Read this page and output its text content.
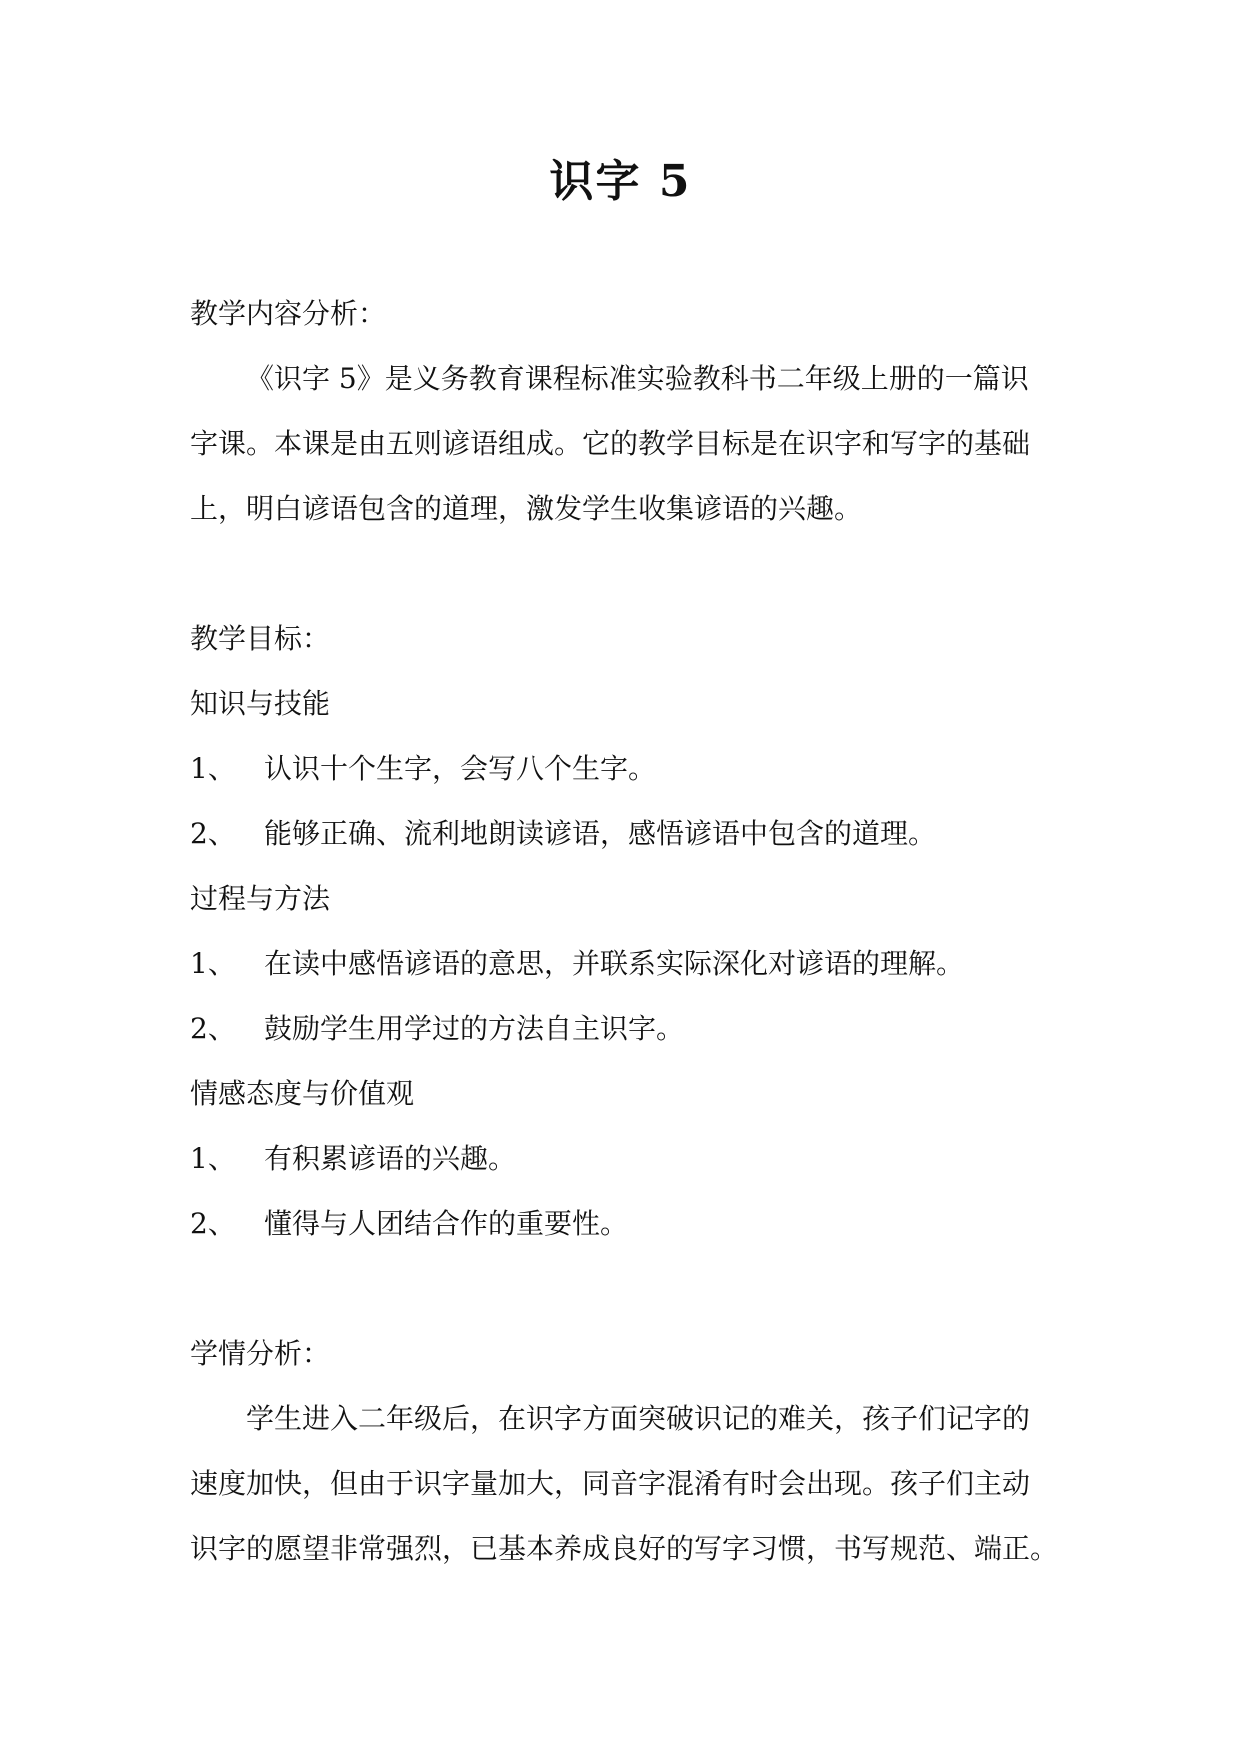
识字 5
教学内容分析：
《识字 5》是义务教育课程标准实验教科书二年级上册的一篇识
字课。本课是由五则谚语组成。它的教学目标是在识字和写字的基础
上，明白谚语包含的道理，激发学生收集谚语的兴趣。
教学目标：
知识与技能
1、 认识十个生字，会写八个生字。
2、 能够正确、流利地朗读谚语，感悟谚语中包含的道理。
过程与方法
1、 在读中感悟谚语的意思，并联系实际深化对谚语的理解。
2、 鼓励学生用学过的方法自主识字。
情感态度与价值观
1、 有积累谚语的兴趣。
2、 懂得与人团结合作的重要性。
学情分析：
学生进入二年级后，在识字方面突破识记的难关，孩子们记字的
速度加快，但由于识字量加大，同音字混淆有时会出现。孩子们主动
识字的愿望非常强烈，已基本养成良好的写字习惯，书写规范、端正。
